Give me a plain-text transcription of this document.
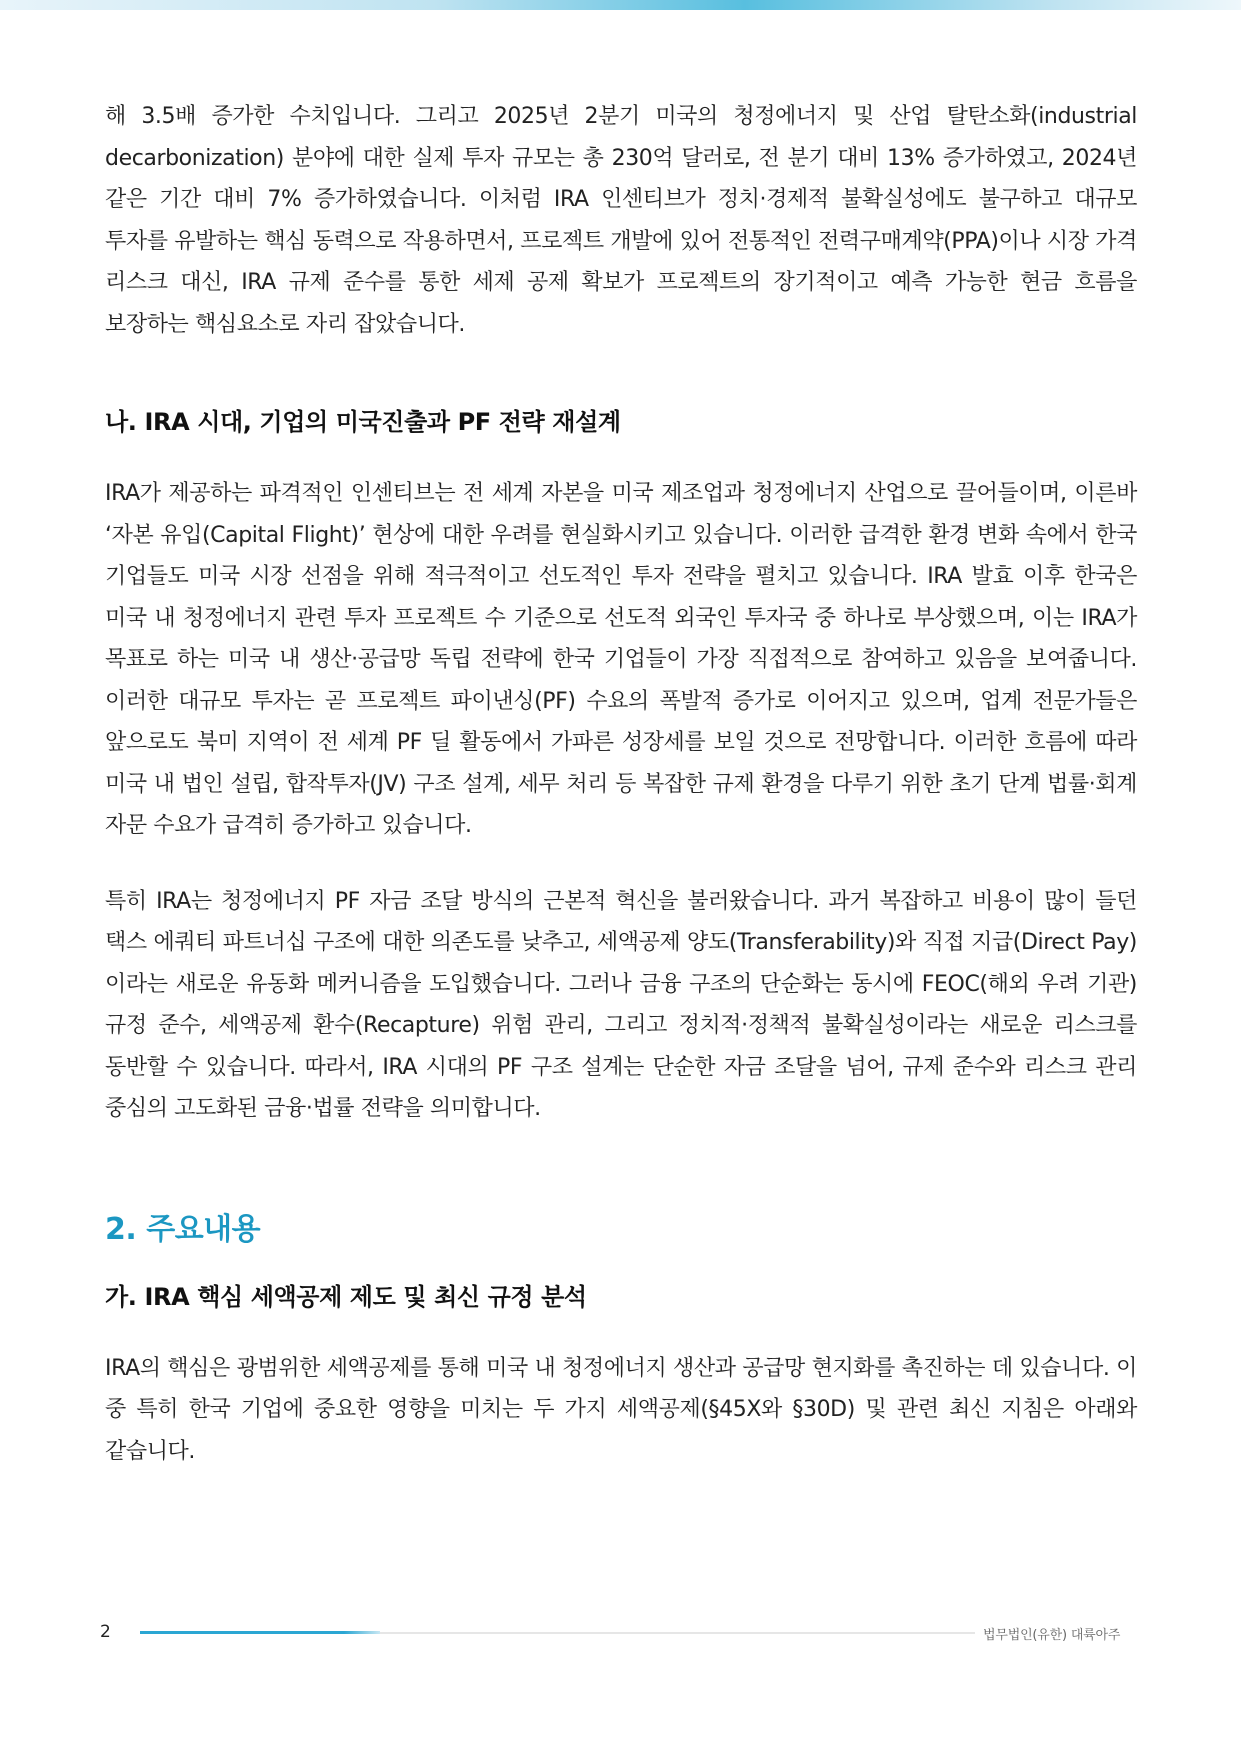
해 3.5배 증가한 수치입니다. 그리고 2025년 2분기 미국의 청정에너지 및 산업 탈탄소화(industrial decarbonization) 분야에 대한 실제 투자 규모는 총 230억 달러로, 전 분기 대비 13% 증가하였고, 2024년 같은 기간 대비 7% 증가하였습니다. 이처럼 IRA 인센티브가 정치·경제적 불확실성에도 불구하고 대규모 투자를 유발하는 핵심 동력으로 작용하면서, 프로젝트 개발에 있어 전통적인 전력구매계약(PPA)이나 시장 가격 리스크 대신, IRA 규제 준수를 통한 세제 공제 확보가 프로젝트의 장기적이고 예측 가능한 현금 흐름을 보장하는 핵심요소로 자리 잡았습니다.

나. IRA 시대, 기업의 미국진출과 PF 전략 재설계

IRA가 제공하는 파격적인 인센티브는 전 세계 자본을 미국 제조업과 청정에너지 산업으로 끌어들이며, 이른바 ‘자본 유입(Capital Flight)’ 현상에 대한 우려를 현실화시키고 있습니다. 이러한 급격한 환경 변화 속에서 한국 기업들도 미국 시장 선점을 위해 적극적이고 선도적인 투자 전략을 펼치고 있습니다. IRA 발효 이후 한국은 미국 내 청정에너지 관련 투자 프로젝트 수 기준으로 선도적 외국인 투자국 중 하나로 부상했으며, 이는 IRA가 목표로 하는 미국 내 생산·공급망 독립 전략에 한국 기업들이 가장 직접적으로 참여하고 있음을 보여줍니다. 이러한 대규모 투자는 곧 프로젝트 파이낸싱(PF) 수요의 폭발적 증가로 이어지고 있으며, 업계 전문가들은 앞으로도 북미 지역이 전 세계 PF 딜 활동에서 가파른 성장세를 보일 것으로 전망합니다. 이러한 흐름에 따라 미국 내 법인 설립, 합작투자(JV) 구조 설계, 세무 처리 등 복잡한 규제 환경을 다루기 위한 초기 단계 법률·회계 자문 수요가 급격히 증가하고 있습니다.

특히 IRA는 청정에너지 PF 자금 조달 방식의 근본적 혁신을 불러왔습니다. 과거 복잡하고 비용이 많이 들던 택스 에쿼티 파트너십 구조에 대한 의존도를 낮추고, 세액공제 양도(Transferability)와 직접 지급(Direct Pay) 이라는 새로운 유동화 메커니즘을 도입했습니다. 그러나 금융 구조의 단순화는 동시에 FEOC(해외 우려 기관) 규정 준수, 세액공제 환수(Recapture) 위험 관리, 그리고 정치적·정책적 불확실성이라는 새로운 리스크를 동반할 수 있습니다. 따라서, IRA 시대의 PF 구조 설계는 단순한 자금 조달을 넘어, 규제 준수와 리스크 관리 중심의 고도화된 금융·법률 전략을 의미합니다.

2. 주요내용
가. IRA 핵심 세액공제 제도 및 최신 규정 분석

IRA의 핵심은 광범위한 세액공제를 통해 미국 내 청정에너지 생산과 공급망 현지화를 촉진하는 데 있습니다. 이 중 특히 한국 기업에 중요한 영향을 미치는 두 가지 세액공제(§45X와 §30D) 및 관련 최신 지침은 아래와 같습니다.

2	법무법인(유한) 대륙아주
